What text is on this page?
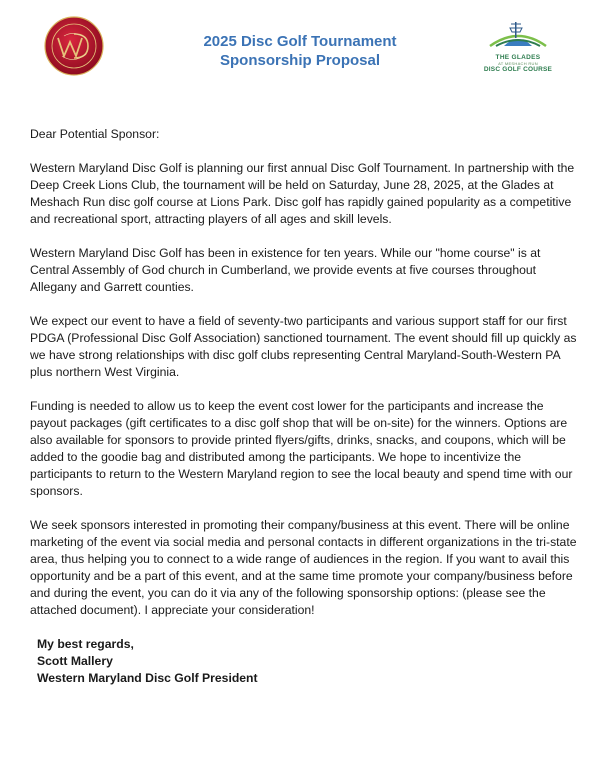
2025 Disc Golf Tournament
Sponsorship Proposal	THE GLADES
AT MESHACH RUN
DISC GOLF COURSE

Dear Potential Sponsor:

Western Maryland Disc Golf is planning our first annual Disc Golf Tournament. In partnership with the Deep Creek Lions Club, the tournament will be held on Saturday, June 28, 2025, at the Glades at Meshach Run disc golf course at Lions Park. Disc golf has rapidly gained popularity as a competitive and recreational sport, attracting players of all ages and skill levels.

Western Maryland Disc Golf has been in existence for ten years. While our "home course" is at Central Assembly of God church in Cumberland, we provide events at five courses throughout Allegany and Garrett counties.

We expect our event to have a field of seventy-two participants and various support staff for our first PDGA (Professional Disc Golf Association) sanctioned tournament. The event should fill up quickly as we have strong relationships with disc golf clubs representing Central Maryland-South-Western PA plus northern West Virginia.

Funding is needed to allow us to keep the event cost lower for the participants and increase the payout packages (gift certificates to a disc golf shop that will be on-site) for the winners. Options are also available for sponsors to provide printed flyers/gifts, drinks, snacks, and coupons, which will be added to the goodie bag and distributed among the participants. We hope to incentivize the participants to return to the Western Maryland region to see the local beauty and spend time with our sponsors.

We seek sponsors interested in promoting their company/business at this event. There will be online marketing of the event via social media and personal contacts in different organizations in the tri-state area, thus helping you to connect to a wide range of audiences in the region. If you want to avail this opportunity and be a part of this event, and at the same time promote your company/business before and during the event, you can do it via any of the following sponsorship options: (please see the attached document). I appreciate your consideration!

My best regards,
Scott Mallery
Western Maryland Disc Golf President
